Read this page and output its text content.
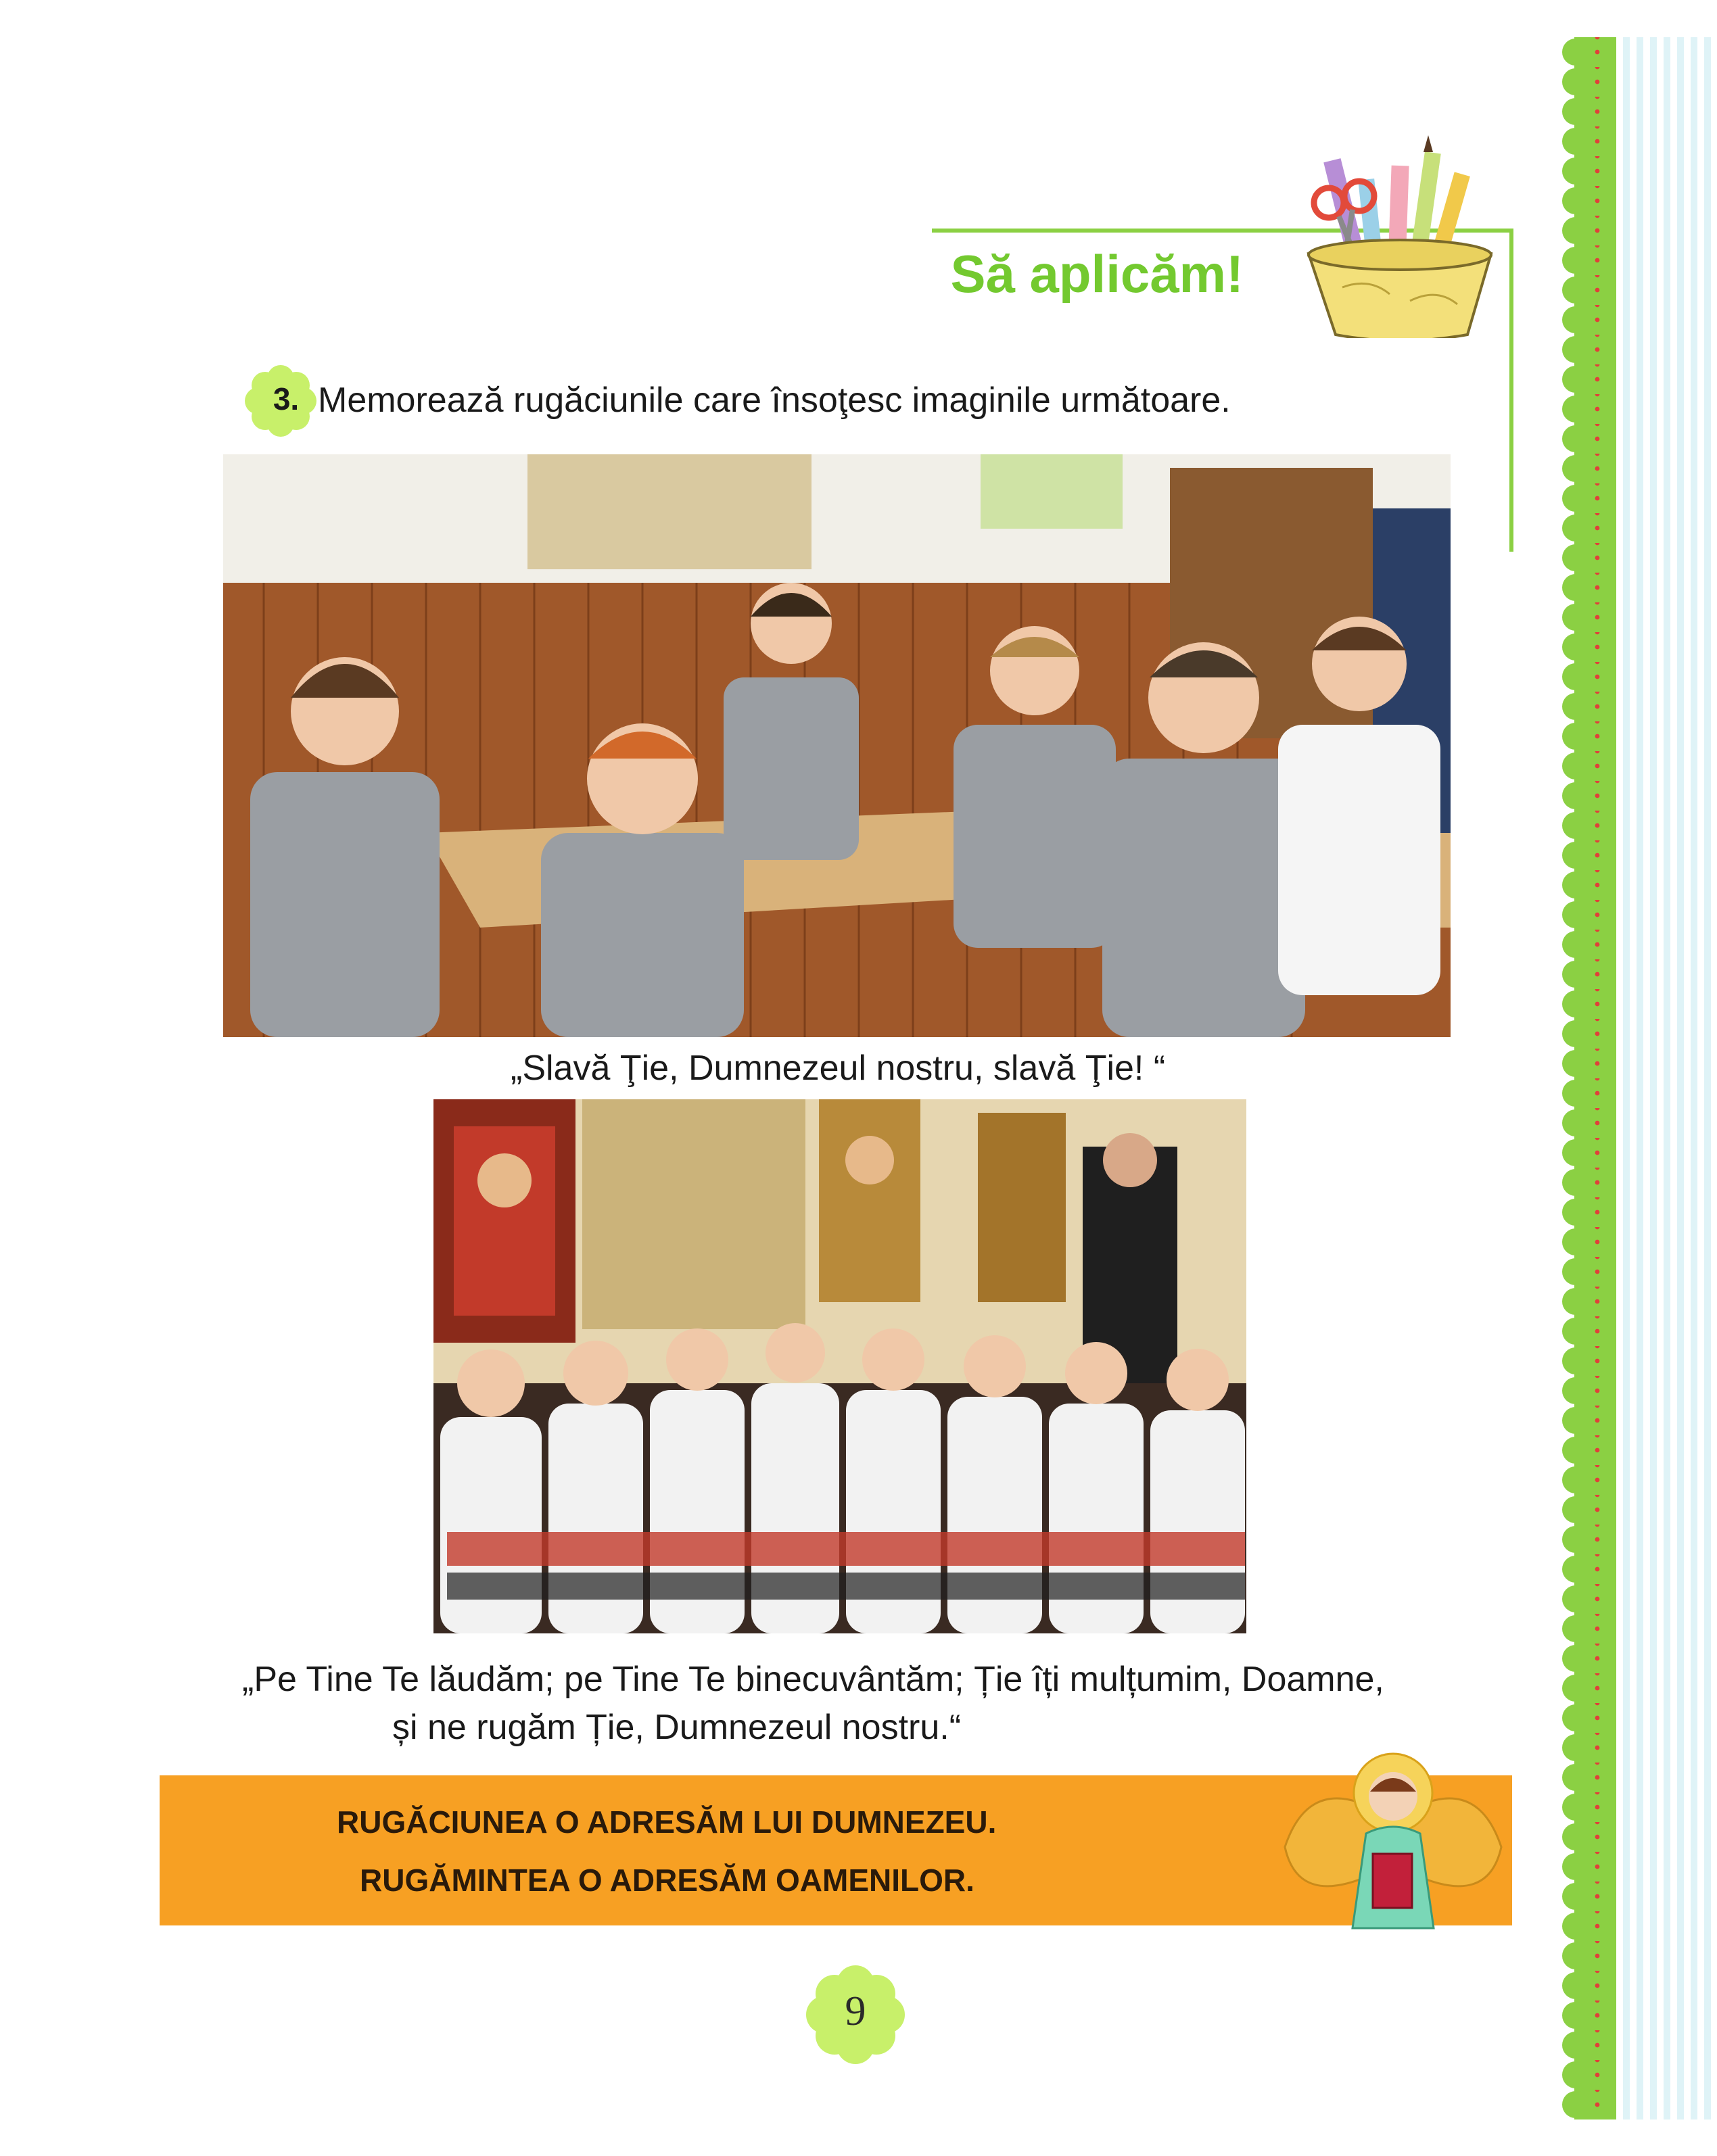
Să aplicăm!
3. Memorează rugăciunile care însoţesc imaginile următoare.
„Slavă Ţie, Dumnezeul nostru, slavă Ţie! “
„Pe Tine Te lăudăm; pe Tine Te binecuvântăm; Ție îți mulțumim, Doamne,
și ne rugăm Ție, Dumnezeul nostru.“
RUGĂCIUNEA O ADRESĂM LUI DUMNEZEU.
RUGĂMINTEA O ADRESĂM OAMENILOR.
9
